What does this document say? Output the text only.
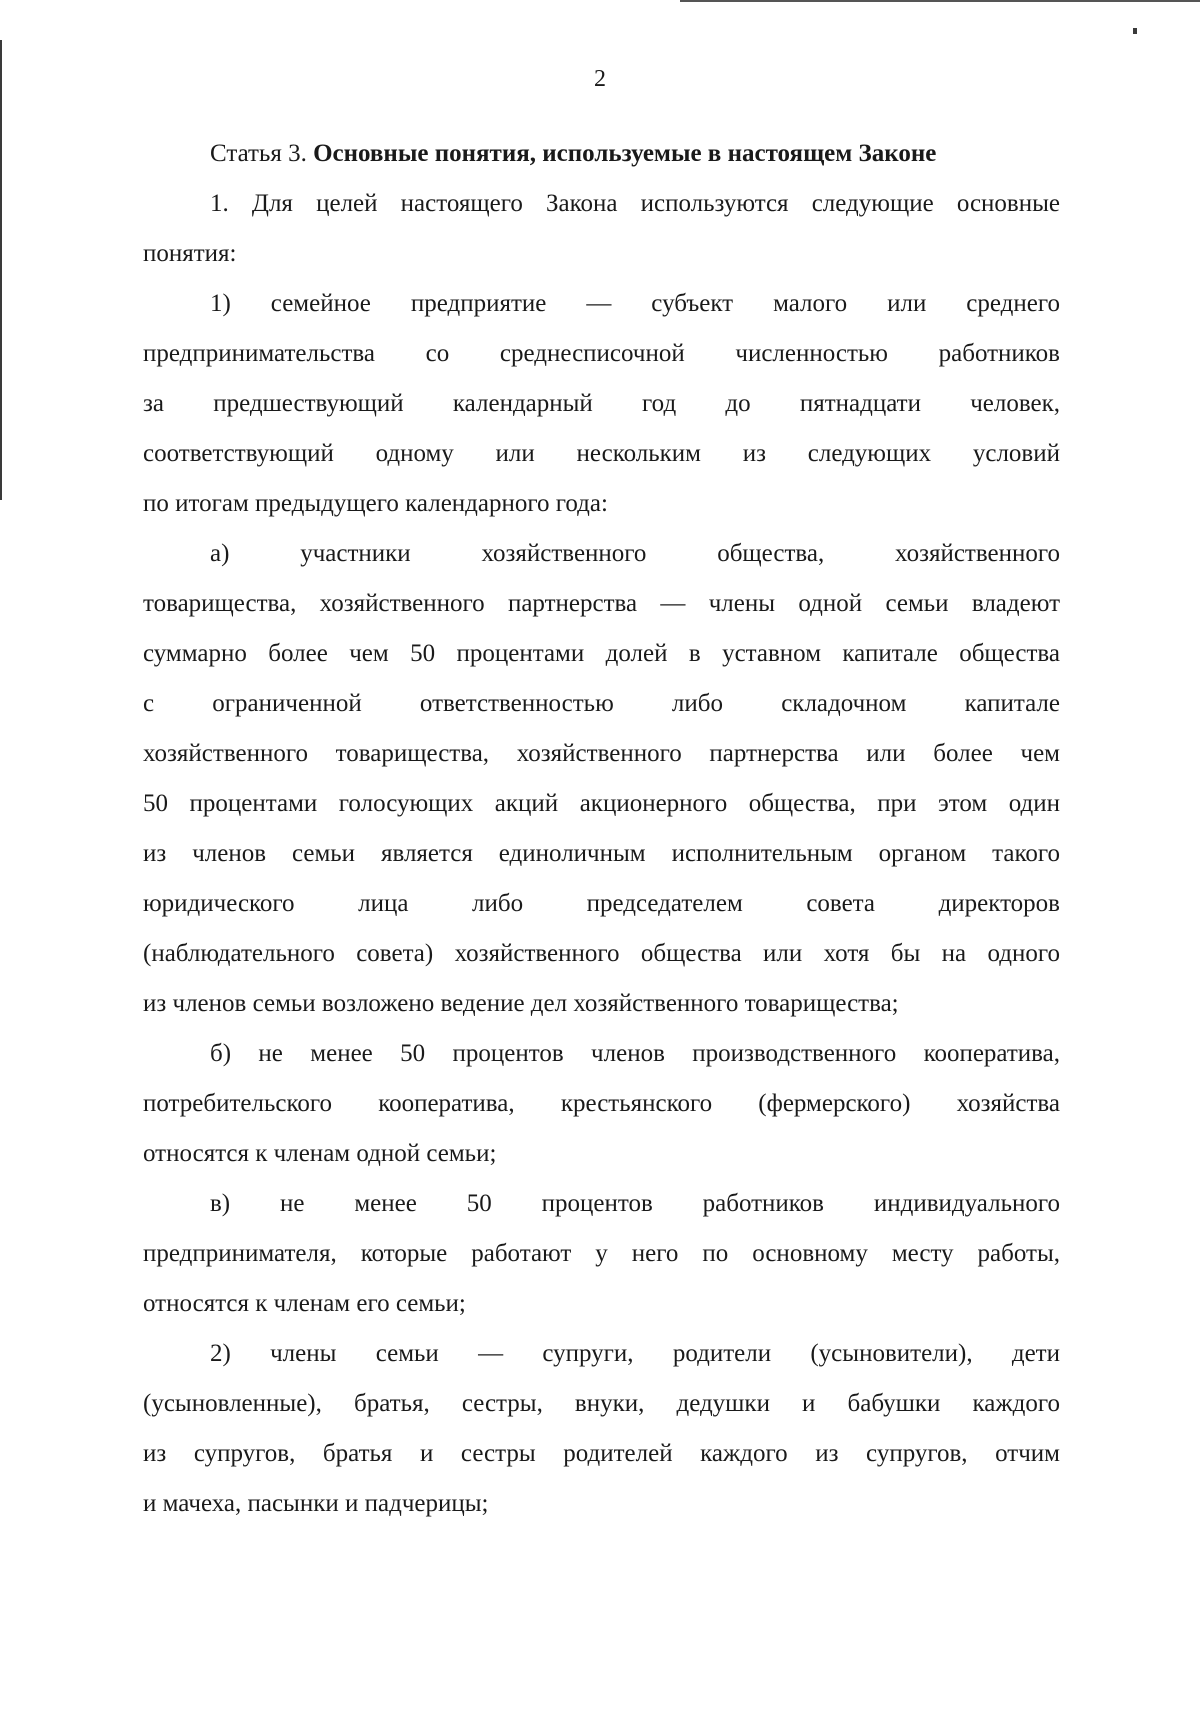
2
Статья 3. Основные понятия, используемые в настоящем Законе
1. Для целей настоящего Закона используются следующие основные
понятия:
1) семейное предприятие — субъект малого или среднего
предпринимательства со среднесписочной численностью работников
за предшествующий календарный год до пятнадцати человек,
соответствующий одному или нескольким из следующих условий
по итогам предыдущего календарного года:
а) участники хозяйственного общества, хозяйственного
товарищества, хозяйственного партнерства — члены одной семьи владеют
суммарно более чем 50 процентами долей в уставном капитале общества
с ограниченной ответственностью либо складочном капитале
хозяйственного товарищества, хозяйственного партнерства или более чем
50 процентами голосующих акций акционерного общества, при этом один
из членов семьи является единоличным исполнительным органом такого
юридического лица либо председателем совета директоров
(наблюдательного совета) хозяйственного общества или хотя бы на одного
из членов семьи возложено ведение дел хозяйственного товарищества;
б) не менее 50 процентов членов производственного кооператива,
потребительского кооператива, крестьянского (фермерского) хозяйства
относятся к членам одной семьи;
в) не менее 50 процентов работников индивидуального
предпринимателя, которые работают у него по основному месту работы,
относятся к членам его семьи;
2) члены семьи — супруги, родители (усыновители), дети
(усыновленные), братья, сестры, внуки, дедушки и бабушки каждого
из супругов, братья и сестры родителей каждого из супругов, отчим
и мачеха, пасынки и падчерицы;
